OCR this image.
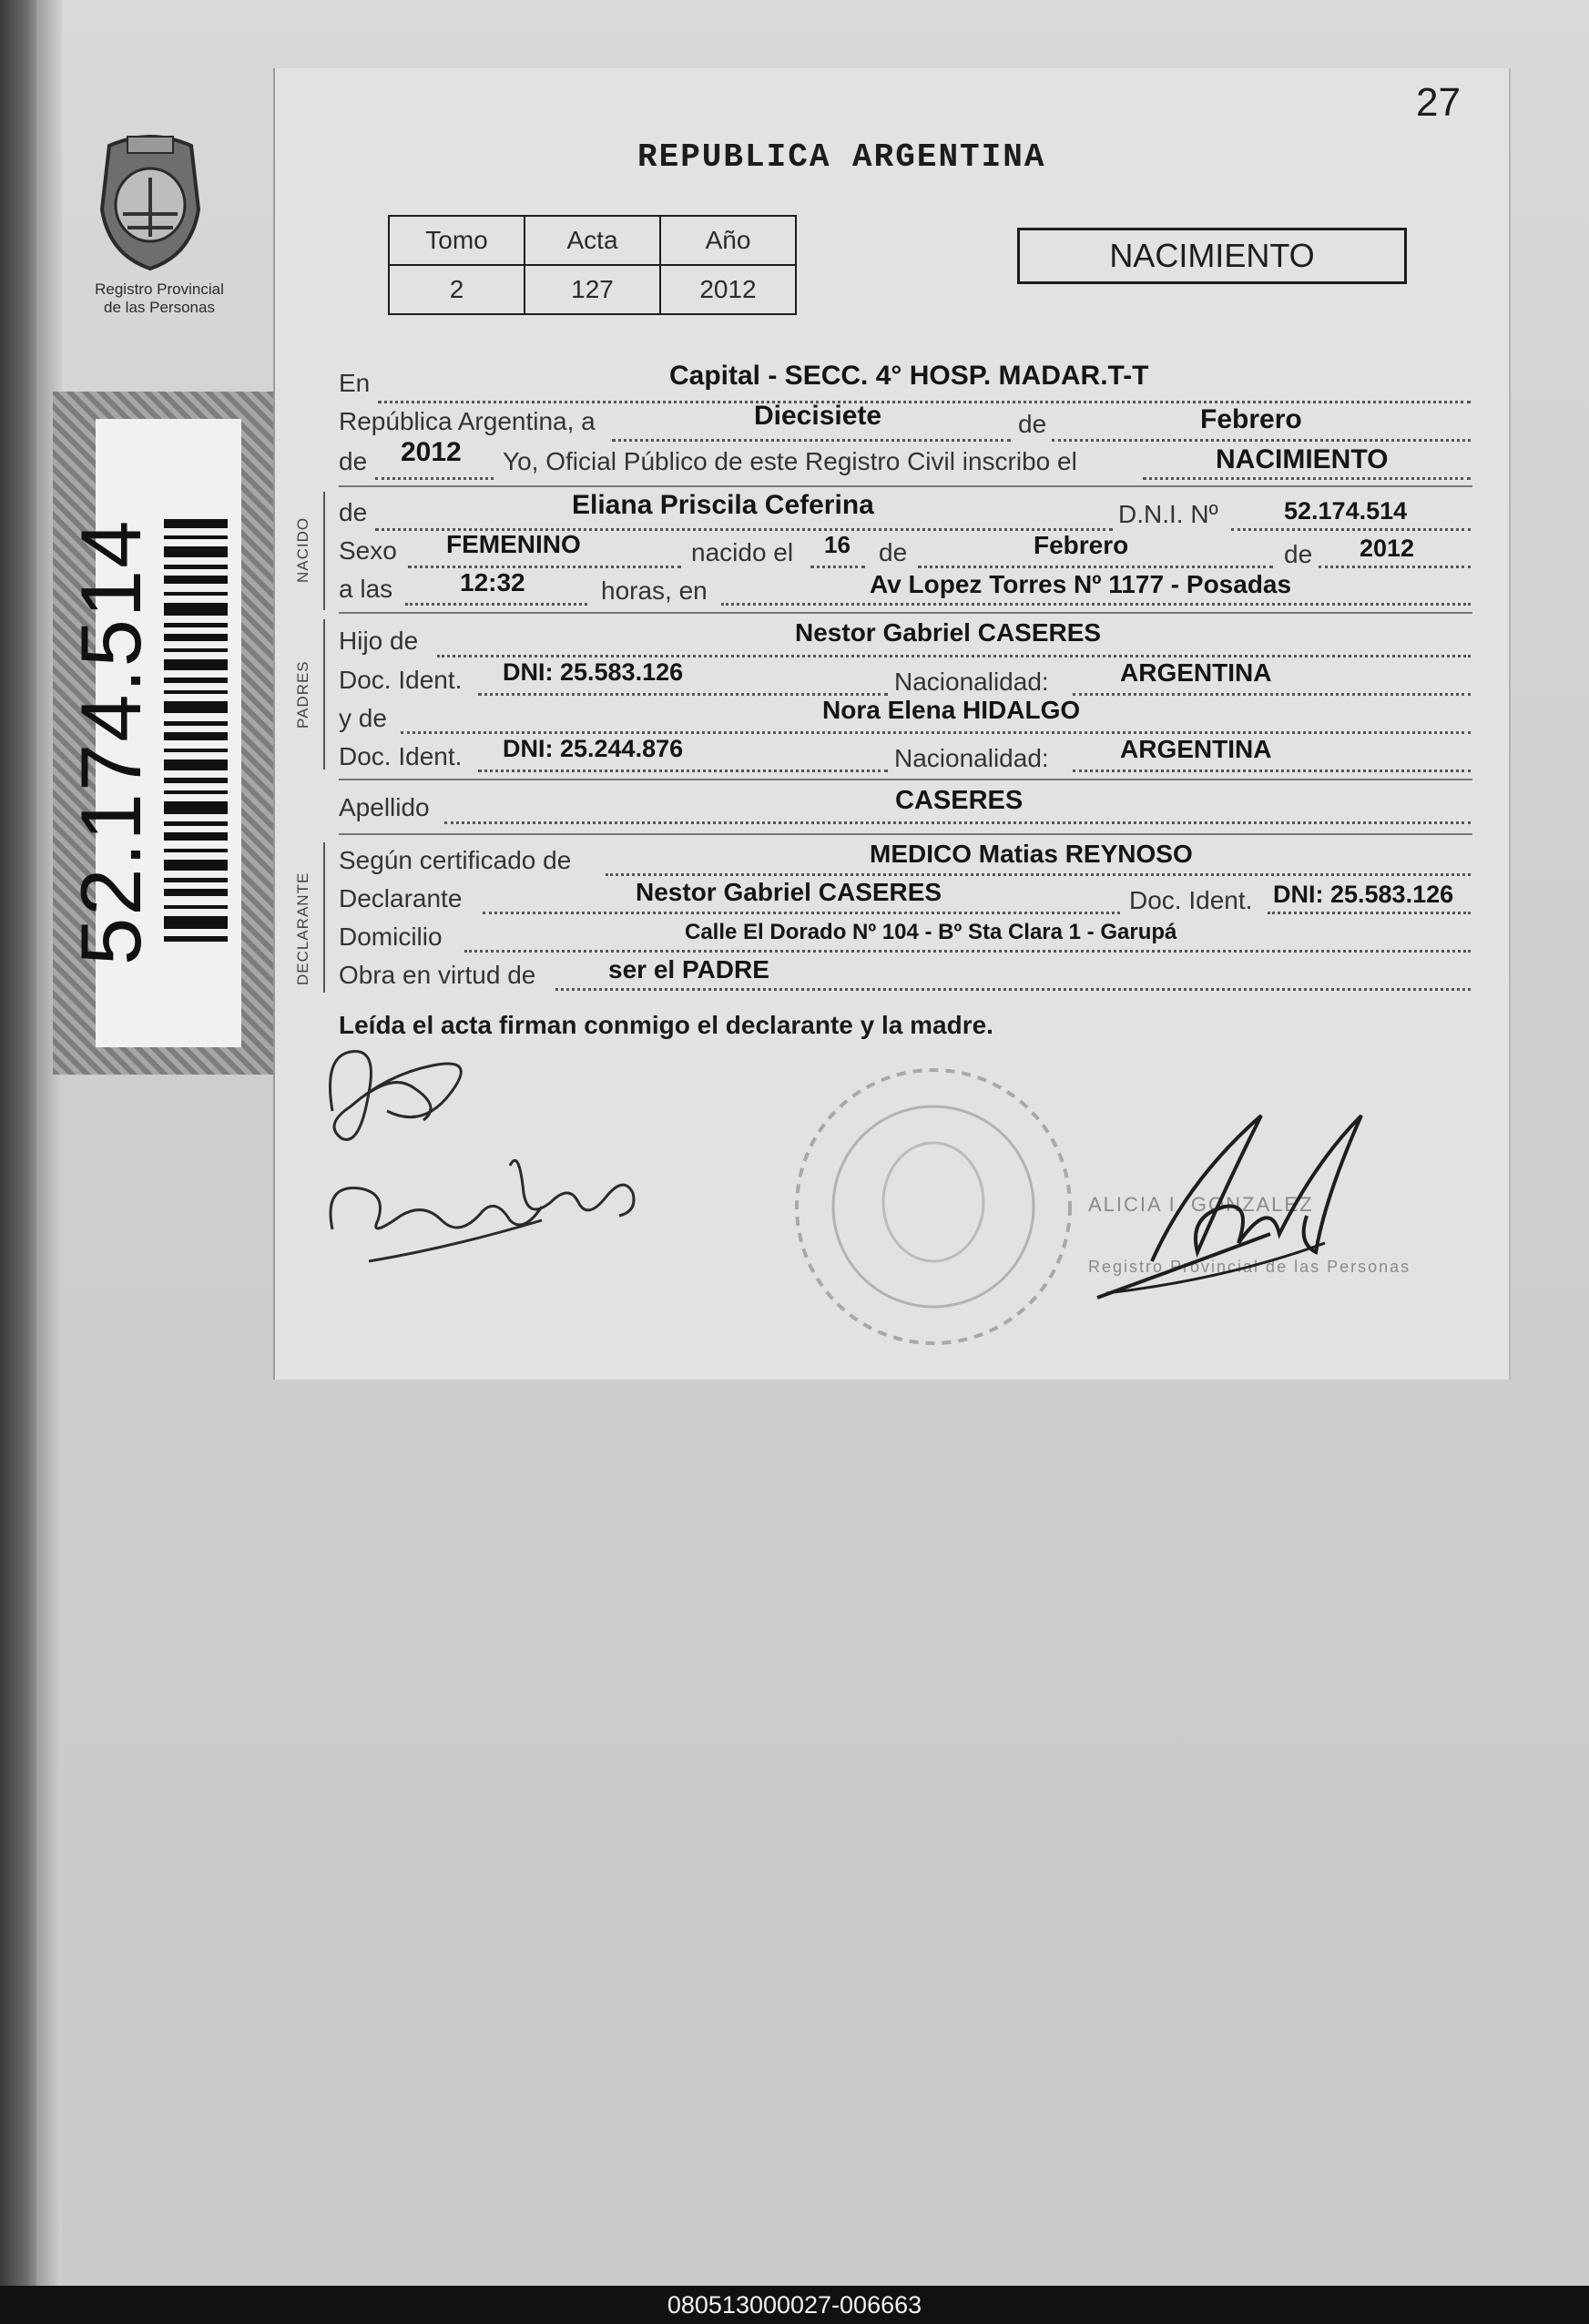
Registro Provincial
de las Personas
52.174.514
27
REPUBLICA ARGENTINA
Tomo	Acta	Año
2	127	2012
NACIMIENTO
En	Capital - SECC. 4° HOSP. MADAR.T-T
República Argentina, a	Diecisiete	de	Febrero
de 2012 Yo, Oficial Público de este Registro Civil inscribo el	NACIMIENTO
NACIDO
de	Eliana Priscila Ceferina	D.N.I. Nº	52.174.514
Sexo FEMENINO	nacido el 16 de	Febrero	de 2012
a las	12:32	horas, en	Av Lopez Torres Nº 1177 - Posadas
PADRES
Hijo de	Nestor Gabriel CASERES
Doc. Ident. DNI: 25.583.126	Nacionalidad:	ARGENTINA
y de	Nora Elena HIDALGO
Doc. Ident. DNI: 25.244.876	Nacionalidad:	ARGENTINA
Apellido	CASERES
DECLARANTE
Según certificado de	MEDICO Matias REYNOSO
Declarante	Nestor Gabriel CASERES	Doc. Ident. DNI: 25.583.126
Domicilio	Calle El Dorado Nº 104 - Bº Sta Clara 1 - Garupá
Obra en virtud de	ser el PADRE
Leída el acta firman conmigo el declarante y la madre.
ALICIA I. GONZALEZ
Registro Provincial de las Personas
080513000027-006663
